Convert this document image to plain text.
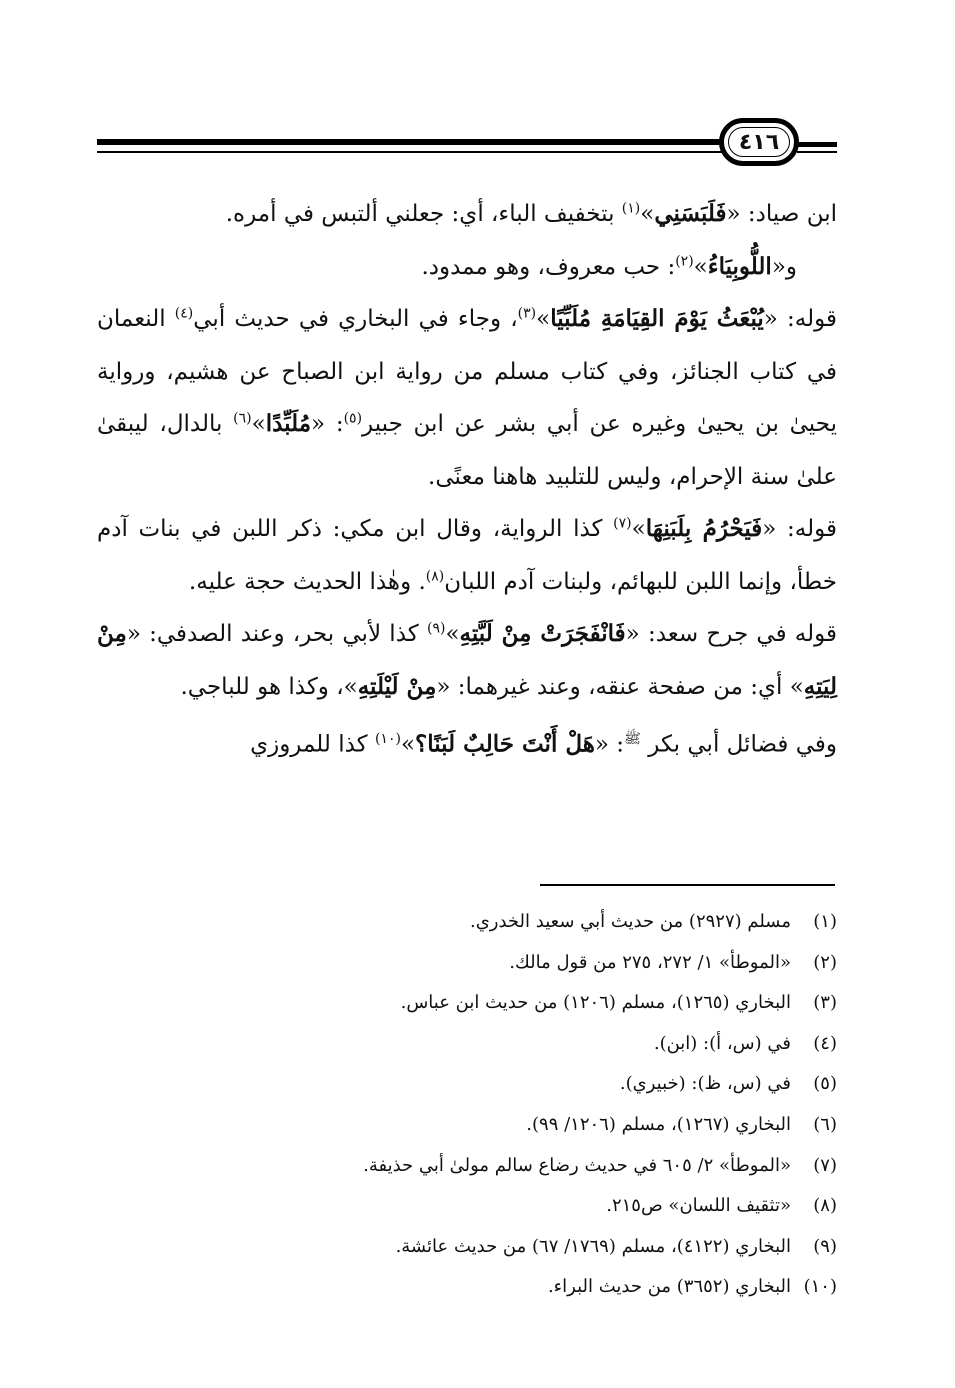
٤١٦

ابن صياد: «فَلَبَسَنِي»$^{(١)}$ بتخفيف الباء، أي: جعلني ألتبس في أمره.

و«اللُّوبِيَاءُ»$^{(٢)}$: حب معروف، وهو ممدود.

قوله: «يُبْعَثُ يَوْمَ القِيَامَةِ مُلَبِّيًا»$^{(٣)}$، وجاء في البخاري في حديث أبي$^{(٤)}$ النعمان في كتاب الجنائز، وفي كتاب مسلم من رواية ابن الصباح عن هشيم، ورواية يحيىٰ بن يحيىٰ وغيره عن أبي بشر عن ابن جبير$^{(٥)}$: «مُلَبِّدًا»$^{(٦)}$ بالدال، ليبقىٰ علىٰ سنة الإحرام، وليس للتلبيد هاهنا معنًى.

قوله: «فَيَحْرُمُ بِلَبَنِهَا»$^{(٧)}$ كذا الرواية، وقال ابن مكي: ذكر اللبن في بنات آدم خطأ، وإنما اللبن للبهائم، ولبنات آدم اللبان$^{(٨)}$. وهٰذا الحديث حجة عليه.

قوله في جرح سعد: «فَانْفَجَرَتْ مِنْ لَبَّتِهِ»$^{(٩)}$ كذا لأبي بحر، وعند الصدفي: «مِنْ لِيَتِهِ» أي: من صفحة عنقه، وعند غيرهما: «مِنْ لَيْلَتِهِ»، وكذا هو للباجي.

وفي فضائل أبي بكر $^ﷺ$: «هَلْ أَنْتَ حَالِبٌ لَبَنًا؟»$^{(١٠)}$ كذا للمروزي

(١)
مسلم (٢٩٢٧) من حديث أبي سعيد الخدري.
(٢)
«الموطأ» ١/ ٢٧٢، ٢٧٥ من قول مالك.
(٣)
البخاري (١٢٦٥)، مسلم (١٢٠٦) من حديث ابن عباس.
(٤)
في (س، أ): (ابن).
(٥)
في (س، ظ): (خبيري).
(٦)
البخاري (١٢٦٧)، مسلم (١٢٠٦/ ٩٩).
(٧)
«الموطأ» ٢/ ٦٠٥ في حديث رضاع سالم مولىٰ أبي حذيفة.
(٨)
«تثقيف اللسان» ص٢١٥.
(٩)
البخاري (٤١٢٢)، مسلم (١٧٦٩/ ٦٧) من حديث عائشة.
(١٠)
البخاري (٣٦٥٢) من حديث البراء.
